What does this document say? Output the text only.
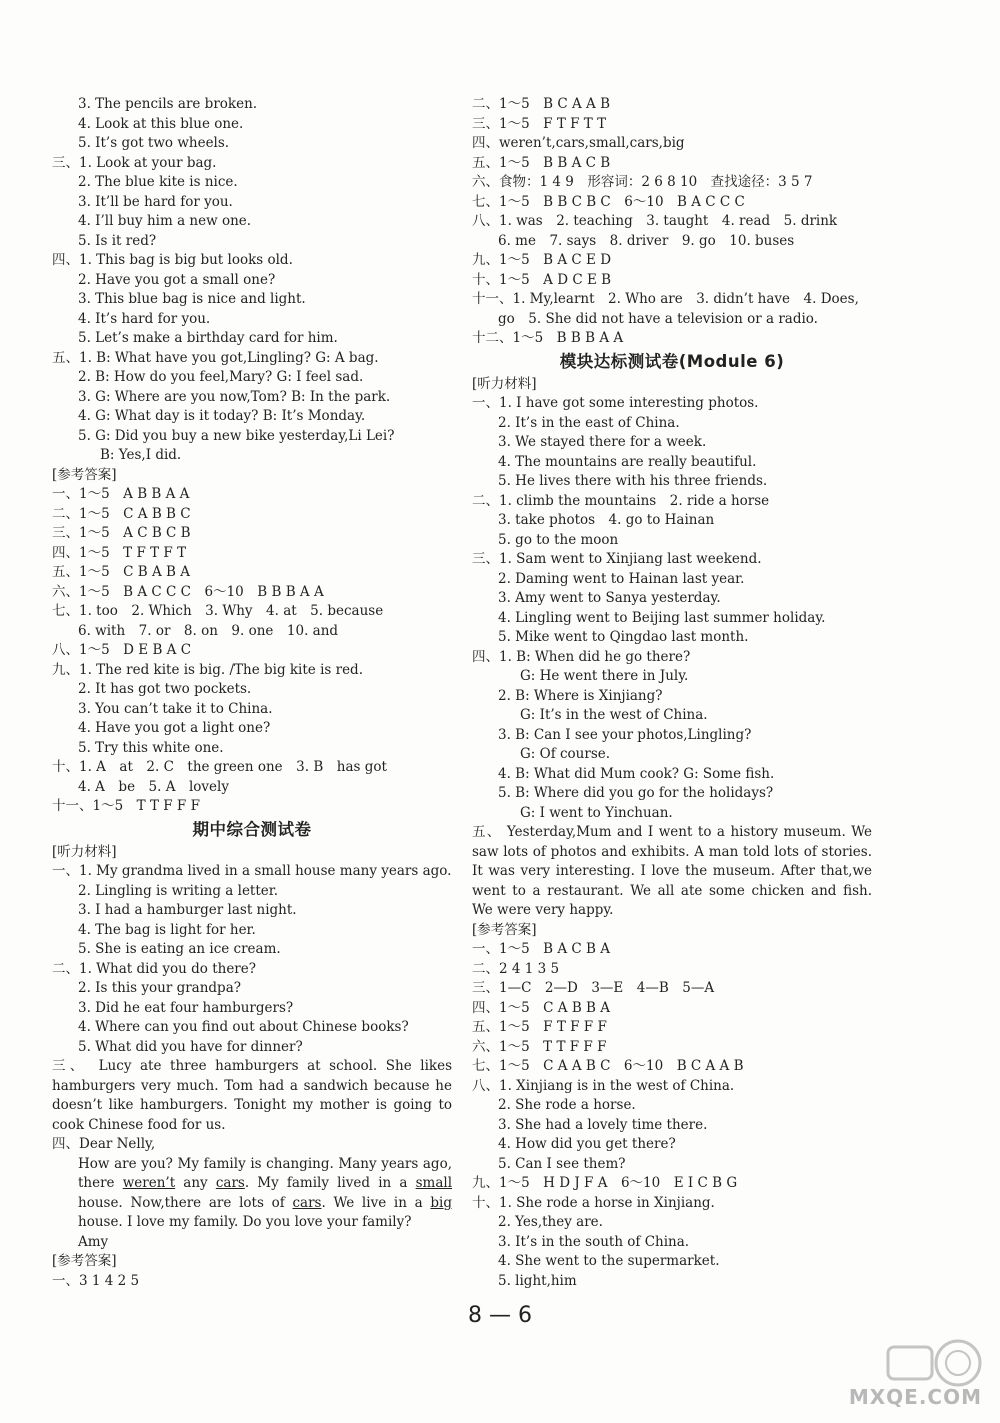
3. The pencils are broken.
4. Look at this blue one.
5. It’s got two wheels.
三、1. Look at your bag.
2. The blue kite is nice.
3. It’ll be hard for you.
4. I’ll buy him a new one.
5. Is it red?
四、1. This bag is big but looks old.
2. Have you got a small one?
3. This blue bag is nice and light.
4. It’s hard for you.
5. Let’s make a birthday card for him.
五、1. B: What have you got,Lingling? G: A bag.
2. B: How do you feel,Mary? G: I feel sad.
3. G: Where are you now,Tom? B: In the park.
4. G: What day is it today? B: It’s Monday.
5. G: Did you buy a new bike yesterday,Li Lei?
B: Yes,I did.
[参考答案]
一、1～5　A B B A A
二、1～5　C A B B C
三、1～5　A C B C B
四、1～5　T F T F T
五、1～5　C B A B A
六、1～5　B A C C C　6～10　B B B A A
七、1. too　2. Which　3. Why　4. at　5. because
6. with　7. or　8. on　9. one　10. and
八、1～5　D E B A C
九、1. The red kite is big. /The big kite is red.
2. It has got two pockets.
3. You can’t take it to China.
4. Have you got a light one?
5. Try this white one.
十、1. A　at　2. C　the green one　3. B　has got
4. A　be　5. A　lovely
十一、1～5　T T F F F
期中综合测试卷
[听力材料]
一、1. My grandma lived in a small house many years ago.
2. Lingling is writing a letter.
3. I had a hamburger last night.
4. The bag is light for her.
5. She is eating an ice cream.
二、1. What did you do there?
2. Is this your grandpa?
3. Did he eat four hamburgers?
4. Where can you find out about Chinese books?
5. What did you have for dinner?
三、　Lucy ate three hamburgers at school. She likes hamburgers very much. Tom had a sandwich because he doesn’t like hamburgers. Tonight my mother is going to cook Chinese food for us.
四、Dear Nelly,
How are you? My family is changing. Many years ago, there weren’t any cars. My family lived in a small house. Now,there are lots of cars. We live in a big house. I love my family. Do you love your family?
Amy
[参考答案]
一、3 1 4 2 5
二、1～5　B C A A B
三、1～5　F T F T T
四、weren’t,cars,small,cars,big
五、1～5　B B A C B
六、食物：1 4 9　形容词：2 6 8 10　查找途径：3 5 7
七、1～5　B B C B C　6～10　B A C C C
八、1. was　2. teaching　3. taught　4. read　5. drink
6. me　7. says　8. driver　9. go　10. buses
九、1～5　B A C E D
十、1～5　A D C E B
十一、1. My,learnt　2. Who are　3. didn’t have　4. Does,
go　5. She did not have a television or a radio.
十二、1～5　B B B A A
模块达标测试卷(Module 6)
[听力材料]
一、1. I have got some interesting photos.
2. It’s in the east of China.
3. We stayed there for a week.
4. The mountains are really beautiful.
5. He lives there with his three friends.
二、1. climb the mountains　2. ride a horse
3. take photos　4. go to Hainan
5. go to the moon
三、1. Sam went to Xinjiang last weekend.
2. Daming went to Hainan last year.
3. Amy went to Sanya yesterday.
4. Lingling went to Beijing last summer holiday.
5. Mike went to Qingdao last month.
四、1. B: When did he go there?
G: He went there in July.
2. B: Where is Xinjiang?
G: It’s in the west of China.
3. B: Can I see your photos,Lingling?
G: Of course.
4. B: What did Mum cook? G: Some fish.
5. B: Where did you go for the holidays?
G: I went to Yinchuan.
五、 Yesterday,Mum and I went to a history museum. We saw lots of photos and exhibits. A man told lots of stories. It was very interesting. I love the museum. After that,we went to a restaurant. We all ate some chicken and fish. We were very happy.
[参考答案]
一、1～5　B A C B A
二、2 4 1 3 5
三、1—C　2—D　3—E　4—B　5—A
四、1～5　C A B B A
五、1～5　F T F F F
六、1～5　T T F F F
七、1～5　C A A B C　6～10　B C A A B
八、1. Xinjiang is in the west of China.
2. She rode a horse.
3. She had a lovely time there.
4. How did you get there?
5. Can I see them?
九、1～5　H D J F A　6～10　E I C B G
十、1. She rode a horse in Xinjiang.
2. Yes,they are.
3. It’s in the south of China.
4. She went to the supermarket.
5. light,him
8 — 6
MXQE.COM
